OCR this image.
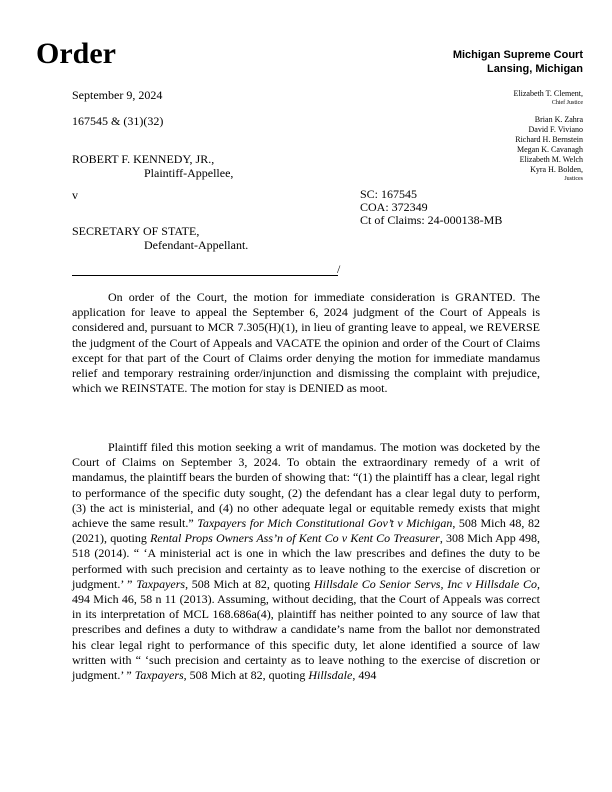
Order	Michigan Supreme Court
Lansing, Michigan
September 9, 2024
167545 & (31)(32)
Elizabeth T. Clement,
Chief Justice
Brian K. Zahra
David F. Viviano
Richard H. Bernstein
Megan K. Cavanagh
Elizabeth M. Welch
Kyra H. Bolden,
Justices
ROBERT F. KENNEDY, JR.,
Plaintiff-Appellee,
v	SC: 167545
COA: 372349
Ct of Claims: 24-000138-MB
SECRETARY OF STATE,
Defendant-Appellant.
/

On order of the Court, the motion for immediate consideration is GRANTED. The application for leave to appeal the September 6, 2024 judgment of the Court of Appeals is considered and, pursuant to MCR 7.305(H)(1), in lieu of granting leave to appeal, we REVERSE the judgment of the Court of Appeals and VACATE the opinion and order of the Court of Claims except for that part of the Court of Claims order denying the motion for immediate mandamus relief and temporary restraining order/injunction and dismissing the complaint with prejudice, which we REINSTATE. The motion for stay is DENIED as moot.

Plaintiff filed this motion seeking a writ of mandamus. The motion was docketed by the Court of Claims on September 3, 2024. To obtain the extraordinary remedy of a writ of mandamus, the plaintiff bears the burden of showing that: “(1) the plaintiff has a clear, legal right to performance of the specific duty sought, (2) the defendant has a clear legal duty to perform, (3) the act is ministerial, and (4) no other adequate legal or equitable remedy exists that might achieve the same result.” Taxpayers for Mich Constitutional Gov’t v Michigan, 508 Mich 48, 82 (2021), quoting Rental Props Owners Ass’n of Kent Co v Kent Co Treasurer, 308 Mich App 498, 518 (2014). “ ‘A ministerial act is one in which the law prescribes and defines the duty to be performed with such precision and certainty as to leave nothing to the exercise of discretion or judgment.’ ” Taxpayers, 508 Mich at 82, quoting Hillsdale Co Senior Servs, Inc v Hillsdale Co, 494 Mich 46, 58 n 11 (2013). Assuming, without deciding, that the Court of Appeals was correct in its interpretation of MCL 168.686a(4), plaintiff has neither pointed to any source of law that prescribes and defines a duty to withdraw a candidate’s name from the ballot nor demonstrated his clear legal right to performance of this specific duty, let alone identified a source of law written with “ ‘such precision and certainty as to leave nothing to the exercise of discretion or judgment.’ ” Taxpayers, 508 Mich at 82, quoting Hillsdale, 494
